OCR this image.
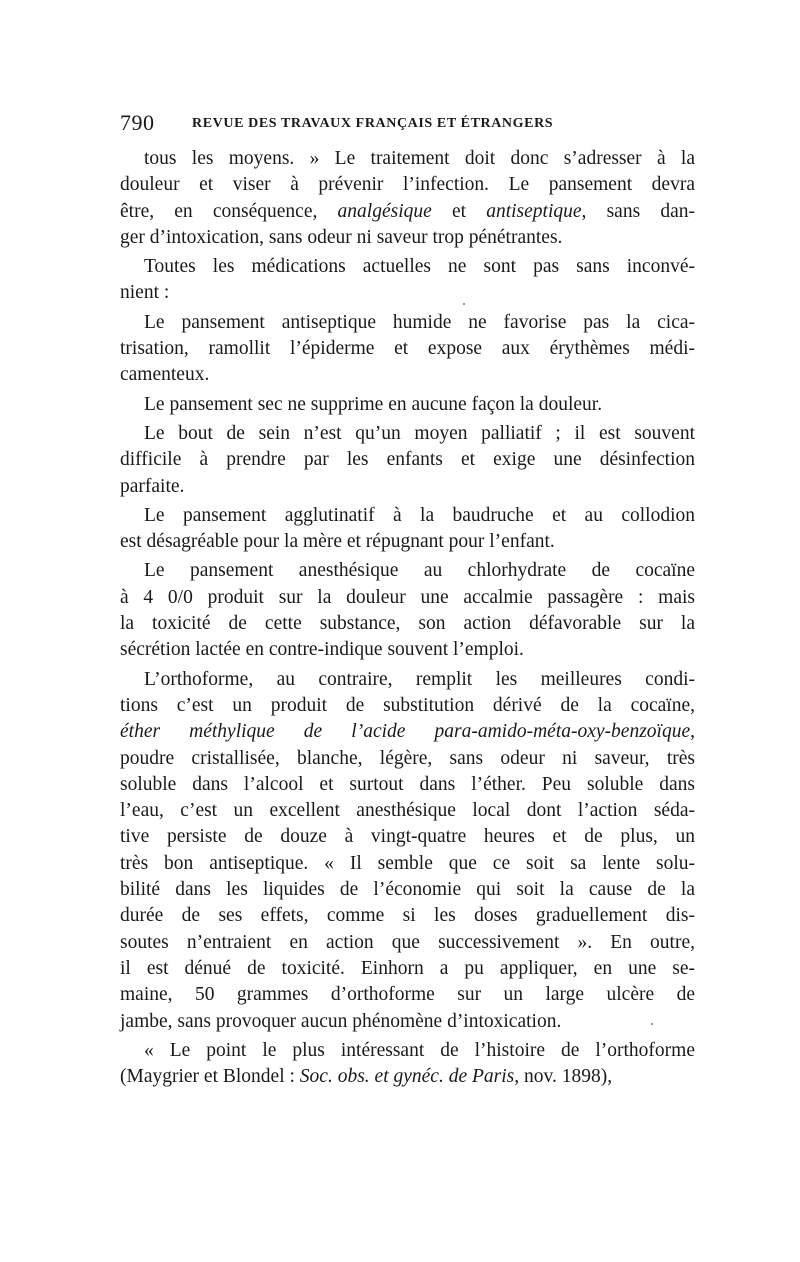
790	REVUE DES TRAVAUX FRANÇAIS ET ÉTRANGERS
tous les moyens. » Le traitement doit donc s’adresser à la
douleur et viser à prévenir l’infection. Le pansement devra
être, en conséquence, analgésique et antiseptique, sans dan-
ger d’intoxication, sans odeur ni saveur trop pénétrantes.
Toutes les médications actuelles ne sont pas sans inconvé-
nient :
Le pansement antiseptique humide ne favorise pas la cica-
trisation, ramollit l’épiderme et expose aux érythèmes médi-
camenteux.
Le pansement sec ne supprime en aucune façon la douleur.
Le bout de sein n’est qu’un moyen palliatif ; il est souvent
difficile à prendre par les enfants et exige une désinfection
parfaite.
Le pansement agglutinatif à la baudruche et au collodion
est désagréable pour la mère et répugnant pour l’enfant.
Le pansement anesthésique au chlorhydrate de cocaïne
à 4 0/0 produit sur la douleur une accalmie passagère : mais
la toxicité de cette substance, son action défavorable sur la
sécrétion lactée en contre-indique souvent l’emploi.
L’orthoforme, au contraire, remplit les meilleures condi-
tions c’est un produit de substitution dérivé de la cocaïne,
éther méthylique de l’acide para-amido-méta-oxy-benzoïque,
poudre cristallisée, blanche, légère, sans odeur ni saveur, très
soluble dans l’alcool et surtout dans l’éther. Peu soluble dans
l’eau, c’est un excellent anesthésique local dont l’action séda-
tive persiste de douze à vingt-quatre heures et de plus, un
très bon antiseptique. « Il semble que ce soit sa lente solu-
bilité dans les liquides de l’économie qui soit la cause de la
durée de ses effets, comme si les doses graduellement dis-
soutes n’entraient en action que successivement ». En outre,
il est dénué de toxicité. Einhorn a pu appliquer, en une se-
maine, 50 grammes d’orthoforme sur un large ulcère de
jambe, sans provoquer aucun phénomène d’intoxication.
« Le point le plus intéressant de l’histoire de l’orthoforme
(Maygrier et Blondel : Soc. obs. et gynéc. de Paris, nov. 1898),
